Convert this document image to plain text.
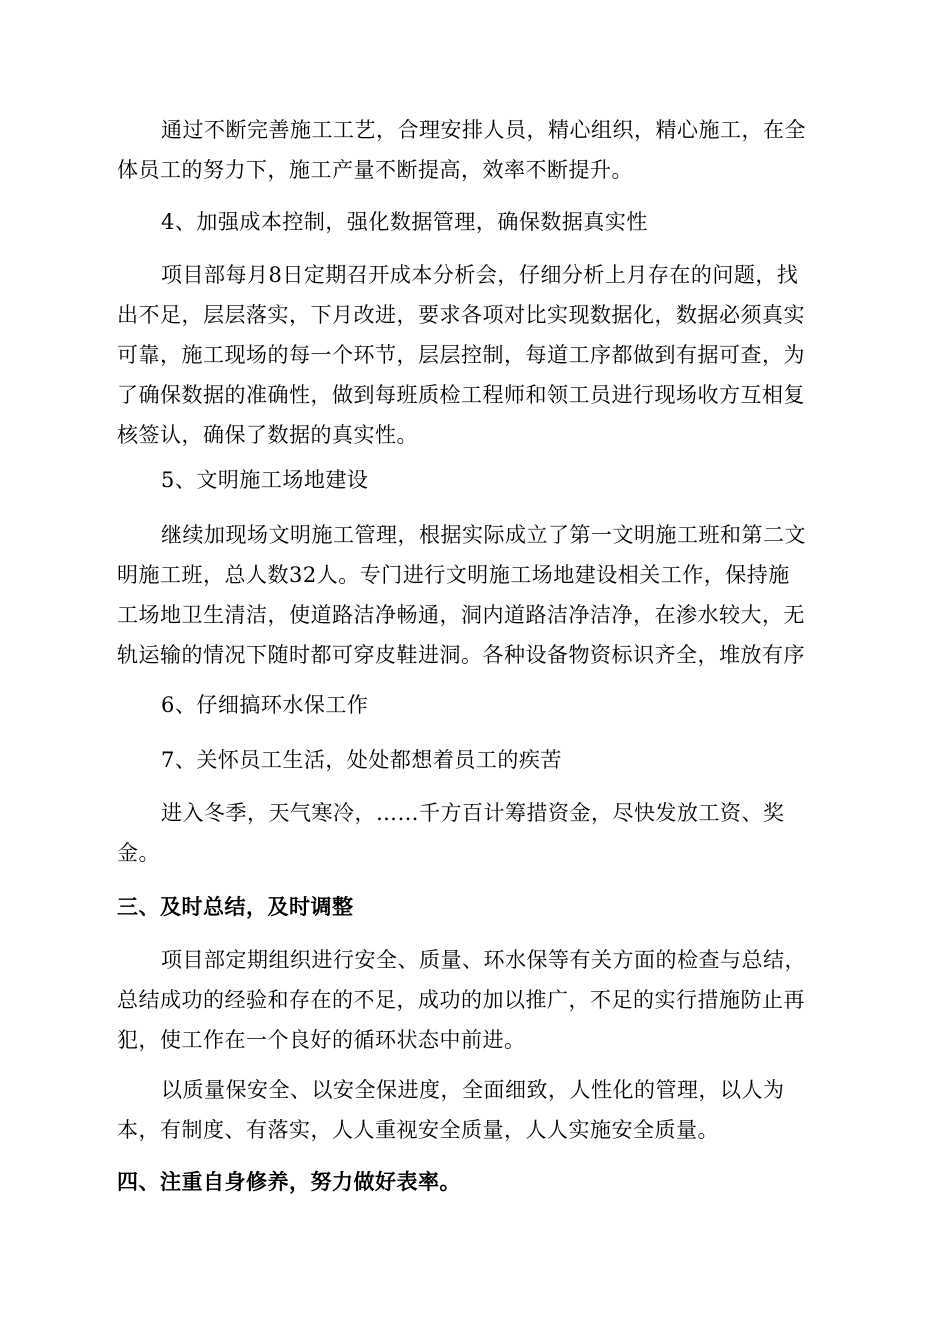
通过不断完善施工工艺，合理安排人员，精心组织，精心施工，在全
体员工的努力下，施工产量不断提高，效率不断提升。
4、加强成本控制，强化数据管理，确保数据真实性
项目部每月8日定期召开成本分析会，仔细分析上月存在的问题，找
出不足，层层落实，下月改进，要求各项对比实现数据化，数据必须真实
可靠，施工现场的每一个环节，层层控制，每道工序都做到有据可查，为
了确保数据的准确性，做到每班质检工程师和领工员进行现场收方互相复
核签认，确保了数据的真实性。
5、文明施工场地建设
继续加现场文明施工管理，根据实际成立了第一文明施工班和第二文
明施工班，总人数32人。专门进行文明施工场地建设相关工作，保持施
工场地卫生清洁，使道路洁净畅通，洞内道路洁净洁净，在渗水较大，无
轨运输的情况下随时都可穿皮鞋进洞。各种设备物资标识齐全，堆放有序
6、仔细搞环水保工作
7、关怀员工生活，处处都想着员工的疾苦
进入冬季，天气寒冷，……千方百计筹措资金，尽快发放工资、奖
金。
三、及时总结，及时调整
项目部定期组织进行安全、质量、环水保等有关方面的检查与总结，
总结成功的经验和存在的不足，成功的加以推广，不足的实行措施防止再
犯，使工作在一个良好的循环状态中前进。
以质量保安全、以安全保进度，全面细致，人性化的管理，以人为
本，有制度、有落实，人人重视安全质量，人人实施安全质量。
四、注重自身修养，努力做好表率。
